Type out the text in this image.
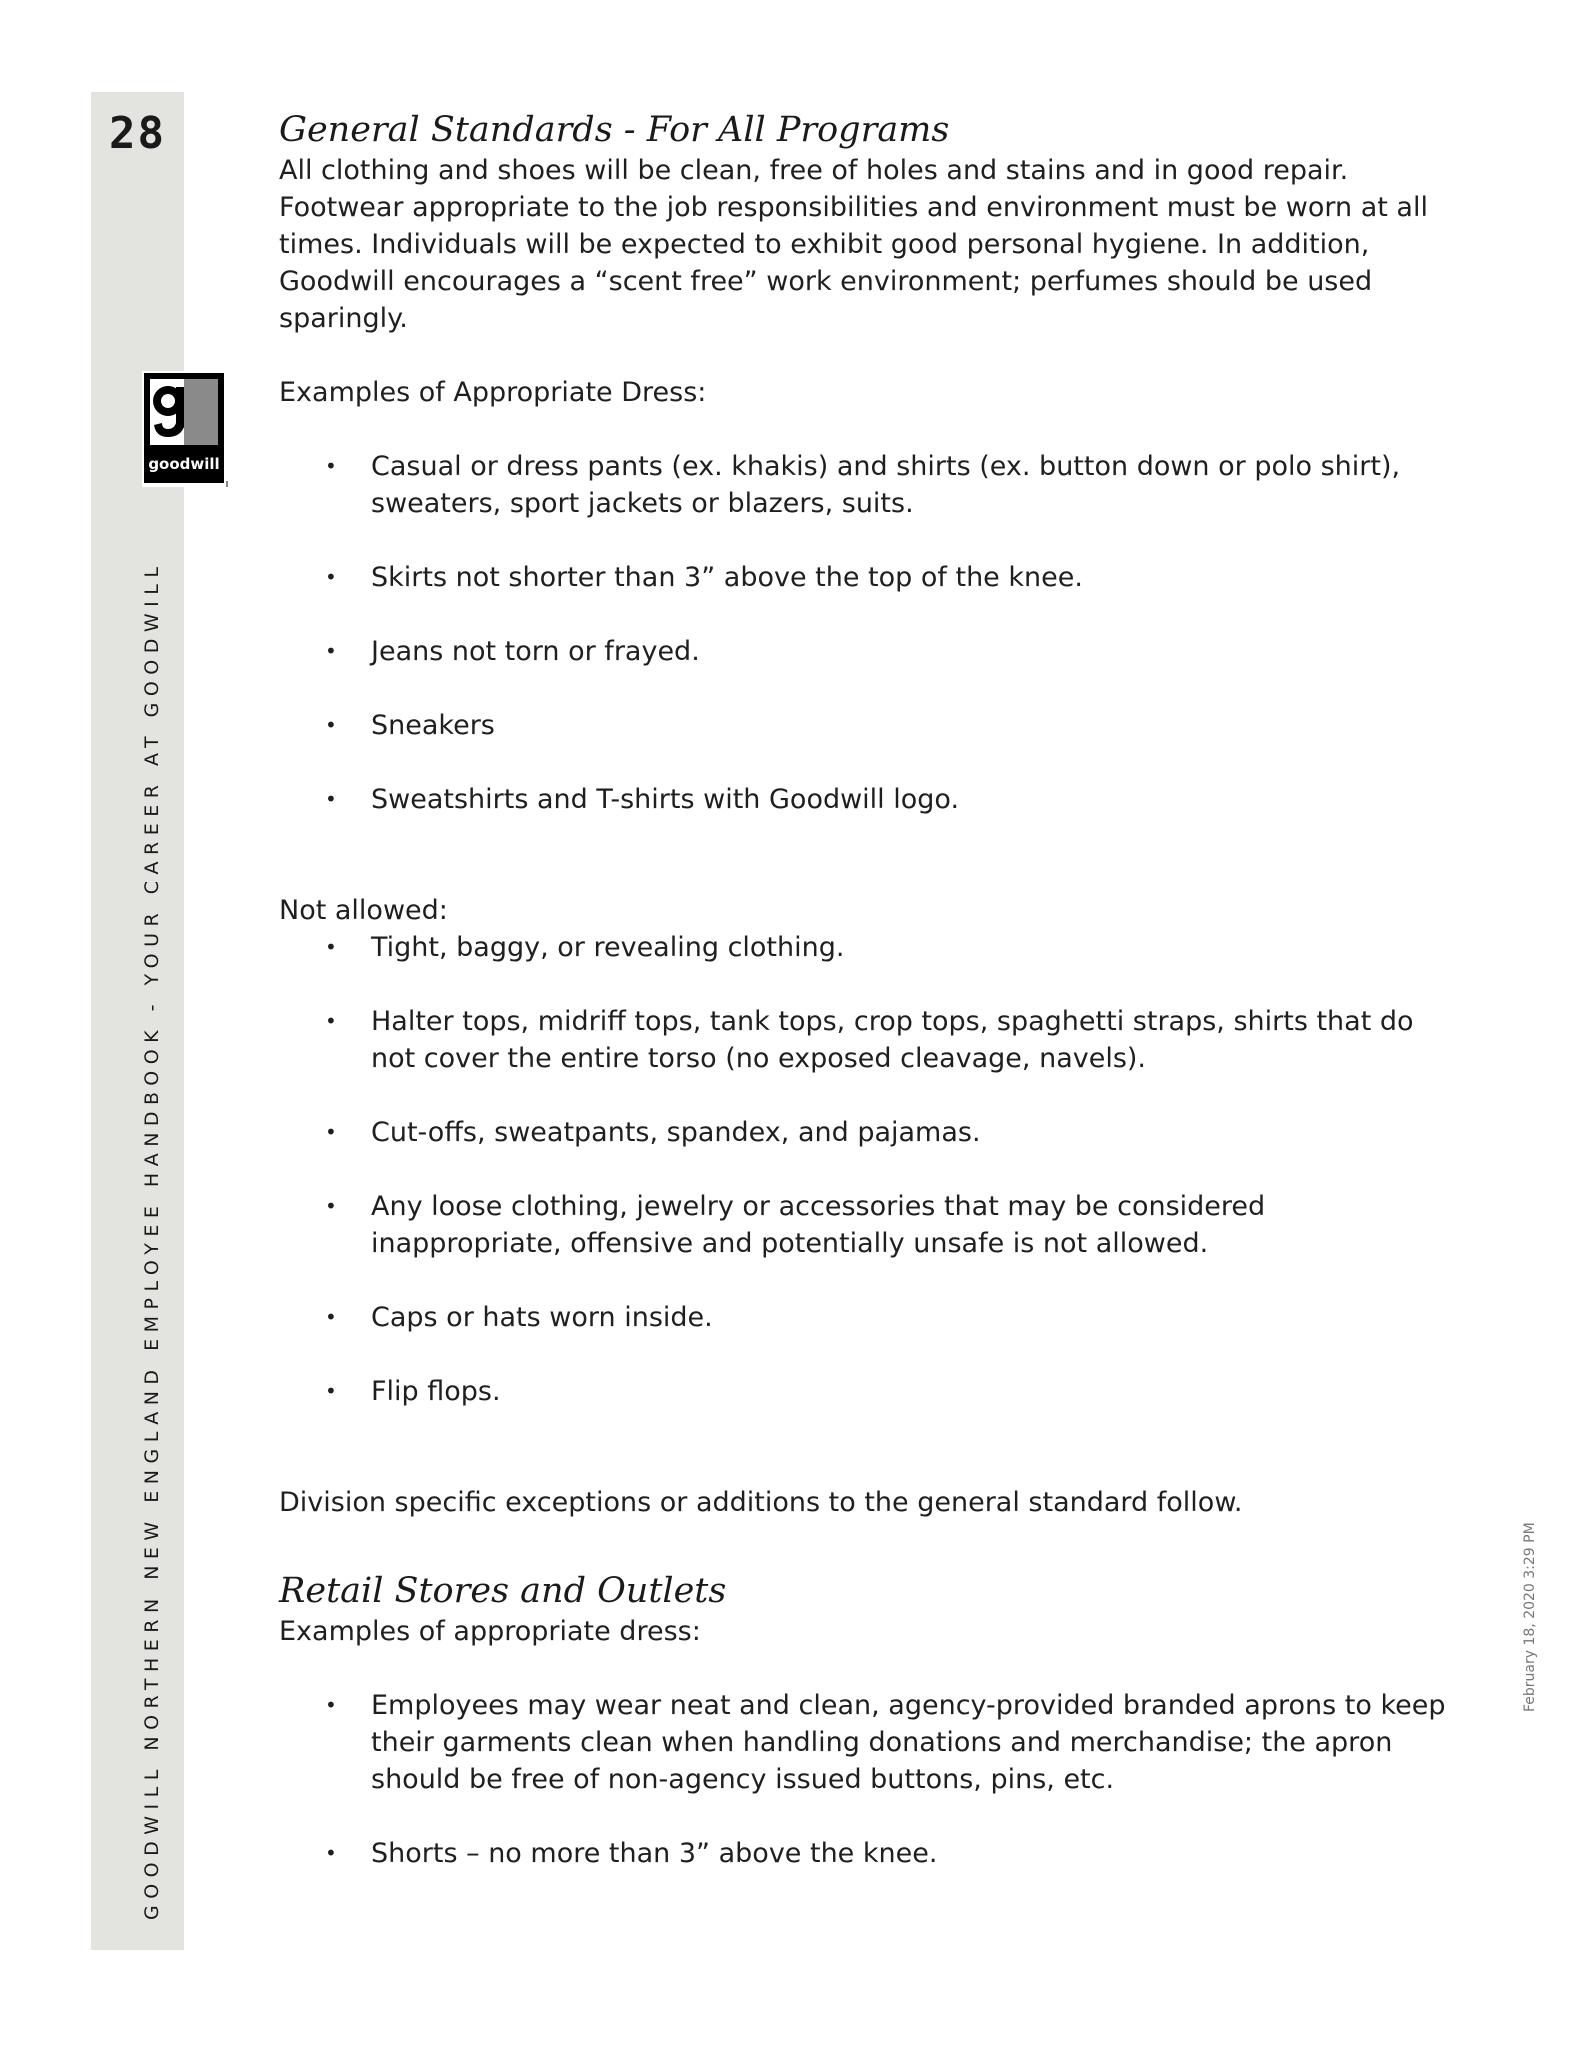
28
goodwill
GOODWILL NORTHERN NEW ENGLAND EMPLOYEE HANDBOOK - YOUR CAREER AT GOODWILL	February 18, 2020 3:29 PM
General Standards - For All Programs

All clothing and shoes will be clean, free of holes and stains and in good repair. Footwear appropriate to the job responsibilities and environment must be worn at all times. Individuals will be expected to exhibit good personal hygiene. In addition, Goodwill encourages a “scent free” work environment; perfumes should be used sparingly.

Examples of Appropriate Dress:

• Casual or dress pants (ex. khakis) and shirts (ex. button down or polo shirt), sweaters, sport jackets or blazers, suits.
• Skirts not shorter than 3” above the top of the knee.
• Jeans not torn or frayed.
• Sneakers
• Sweatshirts and T-shirts with Goodwill logo.

Not allowed:

• Tight, baggy, or revealing clothing.
• Halter tops, midriff tops, tank tops, crop tops, spaghetti straps, shirts that do not cover the entire torso (no exposed cleavage, navels).
• Cut-offs, sweatpants, spandex, and pajamas.
• Any loose clothing, jewelry or accessories that may be considered inappropriate, offensive and potentially unsafe is not allowed.
• Caps or hats worn inside.
• Flip flops.

Division specific exceptions or additions to the general standard follow.

Retail Stores and Outlets

Examples of appropriate dress:

• Employees may wear neat and clean, agency-provided branded aprons to keep their garments clean when handling donations and merchandise; the apron should be free of non-agency issued buttons, pins, etc.
• Shorts – no more than 3” above the knee.
